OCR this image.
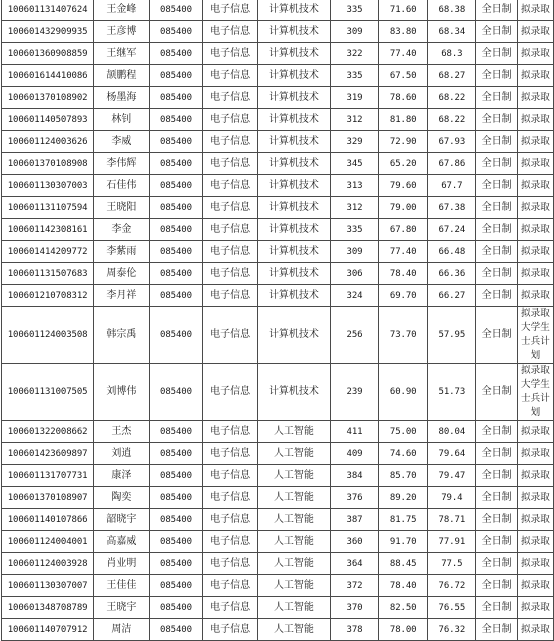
100601131407624	王金峰	085400	电子信息	计算机技术	335	71.60	68.38	全日制	拟录取
100601432909935	王彦博	085400	电子信息	计算机技术	309	83.80	68.34	全日制	拟录取
100601360908859	王继军	085400	电子信息	计算机技术	322	77.40	68.3	全日制	拟录取
100601614410086	颉鹏程	085400	电子信息	计算机技术	335	67.50	68.27	全日制	拟录取
100601370108902	杨墨海	085400	电子信息	计算机技术	319	78.60	68.22	全日制	拟录取
100601140507893	林钊	085400	电子信息	计算机技术	312	81.80	68.22	全日制	拟录取
100601124003626	李威	085400	电子信息	计算机技术	329	72.90	67.93	全日制	拟录取
100601370108908	李伟辉	085400	电子信息	计算机技术	345	65.20	67.86	全日制	拟录取
100601130307003	石佳伟	085400	电子信息	计算机技术	313	79.60	67.7	全日制	拟录取
100601131107594	王晓阳	085400	电子信息	计算机技术	312	79.00	67.38	全日制	拟录取
100601142308161	李金	085400	电子信息	计算机技术	335	67.80	67.24	全日制	拟录取
100601414209772	李紫雨	085400	电子信息	计算机技术	309	77.40	66.48	全日制	拟录取
100601131507683	周泰伦	085400	电子信息	计算机技术	306	78.40	66.36	全日制	拟录取
100601210708312	李月祥	085400	电子信息	计算机技术	324	69.70	66.27	全日制	拟录取
100601124003508	韩宗禹	085400	电子信息	计算机技术	256	73.70	57.95	全日制	拟录取大学生士兵计划
100601131007505	刘博伟	085400	电子信息	计算机技术	239	60.90	51.73	全日制	拟录取大学生士兵计划
100601322008662	王杰	085400	电子信息	人工智能	411	75.00	80.04	全日制	拟录取
100601423609897	刘逍	085400	电子信息	人工智能	409	74.60	79.64	全日制	拟录取
100601131707731	康泽	085400	电子信息	人工智能	384	85.70	79.47	全日制	拟录取
100601370108907	陶奕	085400	电子信息	人工智能	376	89.20	79.4	全日制	拟录取
100601140107866	韶晓宇	085400	电子信息	人工智能	387	81.75	78.71	全日制	拟录取
100601124004001	高嘉威	085400	电子信息	人工智能	360	91.70	77.91	全日制	拟录取
100601124003928	肖业明	085400	电子信息	人工智能	364	88.45	77.5	全日制	拟录取
100601130307007	王佳佳	085400	电子信息	人工智能	372	78.40	76.72	全日制	拟录取
100601348708789	王晓宇	085400	电子信息	人工智能	370	82.50	76.55	全日制	拟录取
100601140707912	周洁	085400	电子信息	人工智能	378	78.00	76.32	全日制	拟录取
